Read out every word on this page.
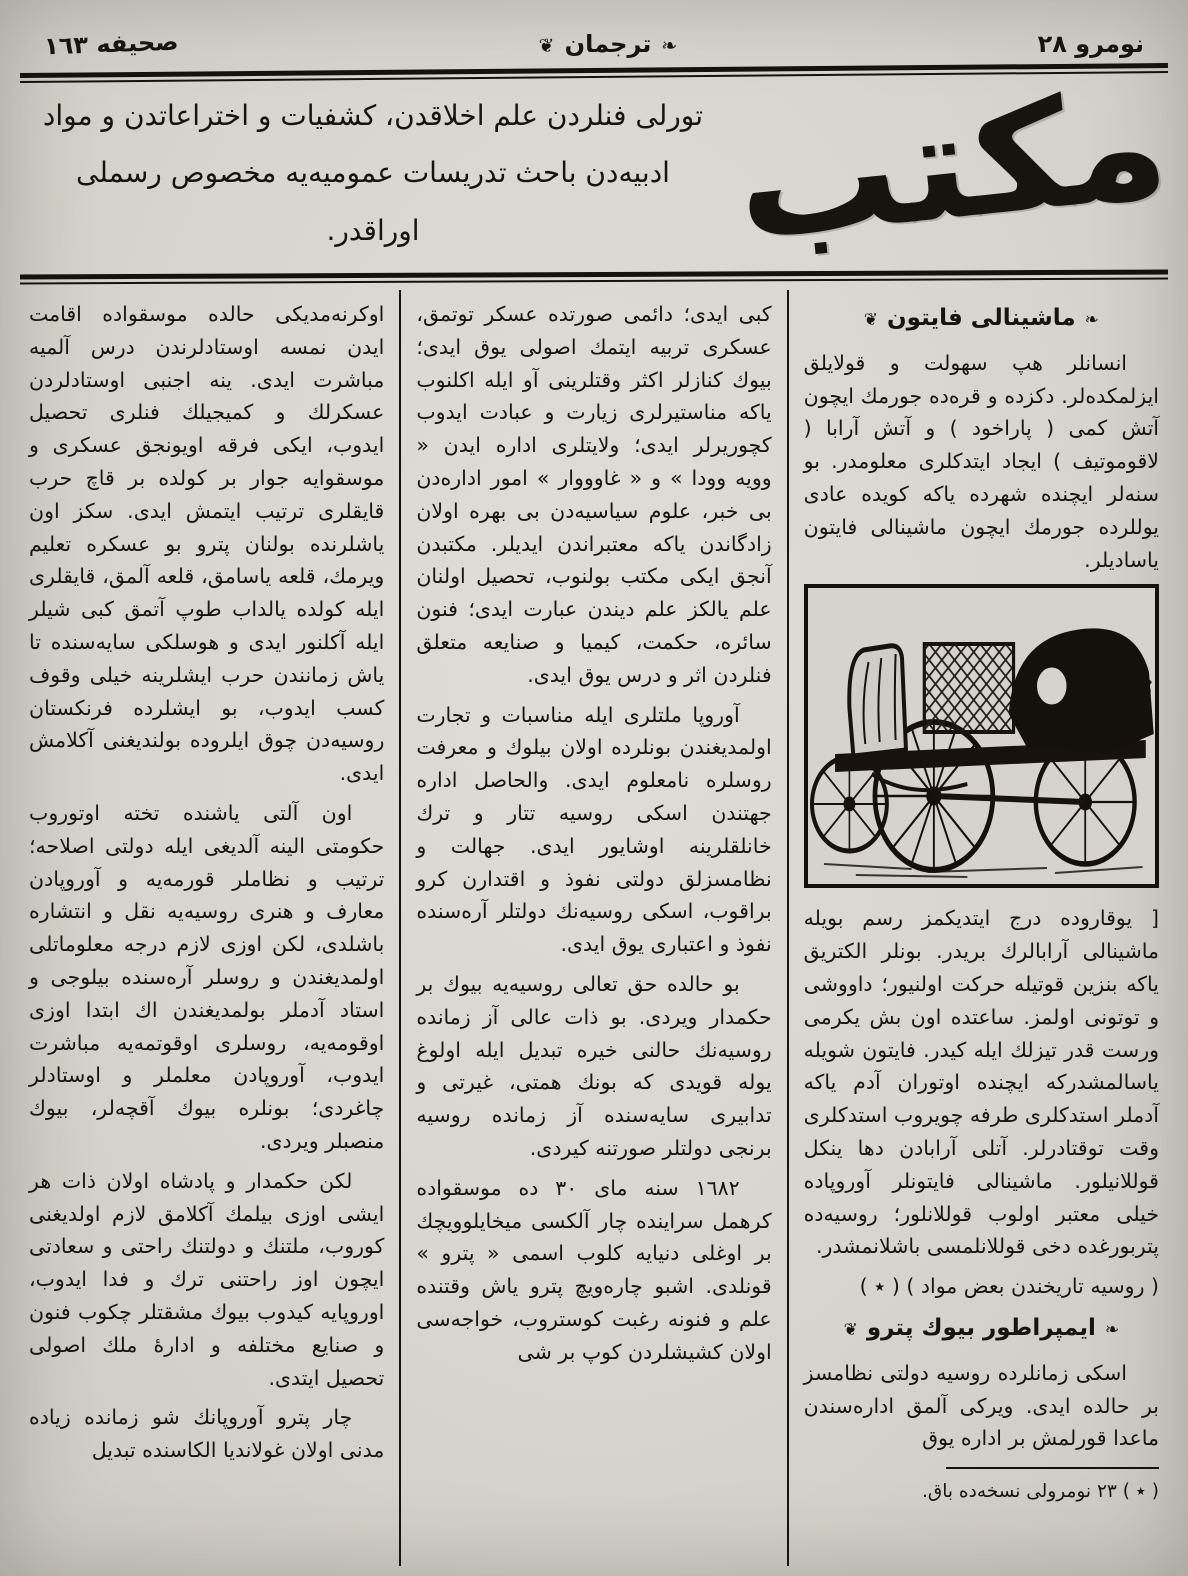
نومرو ٢٨
❧ترجمان❦
صحيفه ١٦٣
مكتب
تورلى فنلردن علم اخلاقدن، كشفيات و اختراعاتدن و مواد
ادبيه‌دن باحث تدريسات عموميه‌يه مخصوص رسملى اوراقدر.
❧ماشينالى فايتون❦

انسانلر هپ سهولت و قولايلق ايزلمكده‌لر. دكزده و قره‌ده جورمك ايچون آتش كمى ( پاراخود ) و آتش آرابا ( لاقوموتيف ) ايجاد ايتدكلرى معلومدر. بو سنه‌لر ايچنده شهرده ياكه كويده عادى يوللرده جورمك ايچون ماشينالى فايتون ياساديلر.

[ يوقاروده درج ايتديكمز رسم بويله ماشينالى آرابالرك بريدر. بونلر الكتريق ياكه بنزين قوتيله حركت اولنيور؛ داووشى و توتونى اولمز. ساعتده اون بش يكرمى ورست قدر تيزلك ايله كيدر. فايتون شويله ياسالمشدركه ايچنده اوتوران آدم ياكه آدملر استدكلرى طرفه چويروب استدكلرى وقت توقتادرلر. آتلى آرابادن دها ينكل قوللانيلور. ماشينالى فايتونلر آوروپاده خيلى معتبر اولوب قوللانلور؛ روسيه‌ده پتربورغده دخى قوللانلمسى باشلانمشدر.

( روسيه تاريخندن بعض مواد ) ( ٭ )

❧ايمپراطور بيوك پترو❦

اسكى زمانلرده روسيه دولتى نظامسز بر حالده ايدى. ويركى آلمق اداره‌سندن ماعدا قورلمش بر اداره يوق

( ٭ ) ٢٣ نومرولى نسخه‌ده باق.

كبى ايدى؛ دائمى صورتده عسكر توتمق، عسكرى تربيه ايتمك اصولى يوق ايدى؛ بيوك كنازلر اكثر وقتلرينى آو ايله اكلنوب ياكه مناستيرلرى زيارت و عبادت ايدوب كچوريرلر ايدى؛ ولايتلرى اداره ايدن « وويه وودا » و « غاوووار » امور اداره‌دن بى خبر، علوم سياسيه‌دن بى بهره اولان زادگاندن ياكه معتبراندن ايديلر. مكتبدن آنجق ايكى مكتب بولنوب، تحصيل اولنان علم يالكز علم ديندن عبارت ايدى؛ فنون سائره، حكمت، كيميا و صنايعه متعلق فنلردن اثر و درس يوق ايدى.

آوروپا ملتلرى ايله مناسبات و تجارت اولمديغندن بونلرده اولان بيلوك و معرفت روسلره نامعلوم ايدى. والحاصل اداره جهتندن اسكى روسيه تتار و ترك خانلقلرينه اوشايور ايدى. جهالت و نظامسزلق دولتى نفوذ و اقتدارن كرو براقوب، اسكى روسيه‌نك دولتلر آره‌سنده نفوذ و اعتبارى يوق ايدى.

بو حالده حق تعالى روسيه‌يه بيوك بر حكمدار ويردى. بو ذات عالى آز زمانده روسيه‌نك حالنى خيره تبديل ايله اولوغ يوله قويدى كه بونك همتى، غيرتى و تدابيرى سايه‌سنده آز زمانده روسيه برنجى دولتلر صورتنه كيردى.

١٦٨٢ سنه ماى ٣٠ ده موسقواده كرهمل سراينده چار آلكسى ميخايلوويچك بر اوغلى دنيايه كلوب اسمى « پترو » قونلدى. اشبو چاره‌ويچ پترو ياش وقتنده علم و فنونه رغبت كوستروب، خواجه‌سى اولان كشيشلردن كوپ بر شى

اوكرنه‌مديكى حالده موسقواده اقامت ايدن نمسه اوستادلرندن درس آلميه مباشرت ايدى. ينه اجنبى اوستادلردن عسكرلك و كميجيلك فنلرى تحصيل ايدوب، ايكى فرقه اويونجق عسكرى و موسقوايه جوار بر كولده بر قاچ حرب قايقلرى ترتيب ايتمش ايدى. سكز اون ياشلرنده بولنان پترو بو عسكره تعليم ويرمك، قلعه ياسامق، قلعه آلمق، قايقلرى ايله كولده يالداب طوپ آتمق كبى شيلر ايله آكلنور ايدى و هوسلكى سايه‌سنده تا ياش زمانندن حرب ايشلرينه خيلى وقوف كسب ايدوب، بو ايشلرده فرنكستان روسيه‌دن چوق ايلروده بولنديغنى آكلامش ايدى.

اون آلتى ياشنده تخته اوتوروب حكومتى الينه آلديغى ايله دولتى اصلاحه؛ ترتيب و نظاملر قورمه‌يه و آوروپادن معارف و هنرى روسيه‌يه نقل و انتشاره باشلدى، لكن اوزى لازم درجه معلوماتلى اولمديغندن و روسلر آره‌سنده بيلوجى و استاد آدملر بولمديغندن اك ابتدا اوزى اوقومه‌يه، روسلرى اوقوتمه‌يه مباشرت ايدوب، آوروپادن معلملر و اوستادلر چاغردى؛ بونلره بيوك آقچه‌لر، بيوك منصبلر ويردى.

لكن حكمدار و پادشاه اولان ذات هر ايشى اوزى بيلمك آكلامق لازم اولديغنى كوروب، ملتنك و دولتنك راحتى و سعادتى ايچون اوز راحتنى ترك و فدا ايدوب، اوروپايه كيدوب بيوك مشقتلر چكوب فنون و صنايع مختلفه و ادارهٔ ملك اصولى تحصيل ايتدى.

چار پترو آوروپانك شو زمانده زياده مدنى اولان غولانديا الكاسنده تبديل
